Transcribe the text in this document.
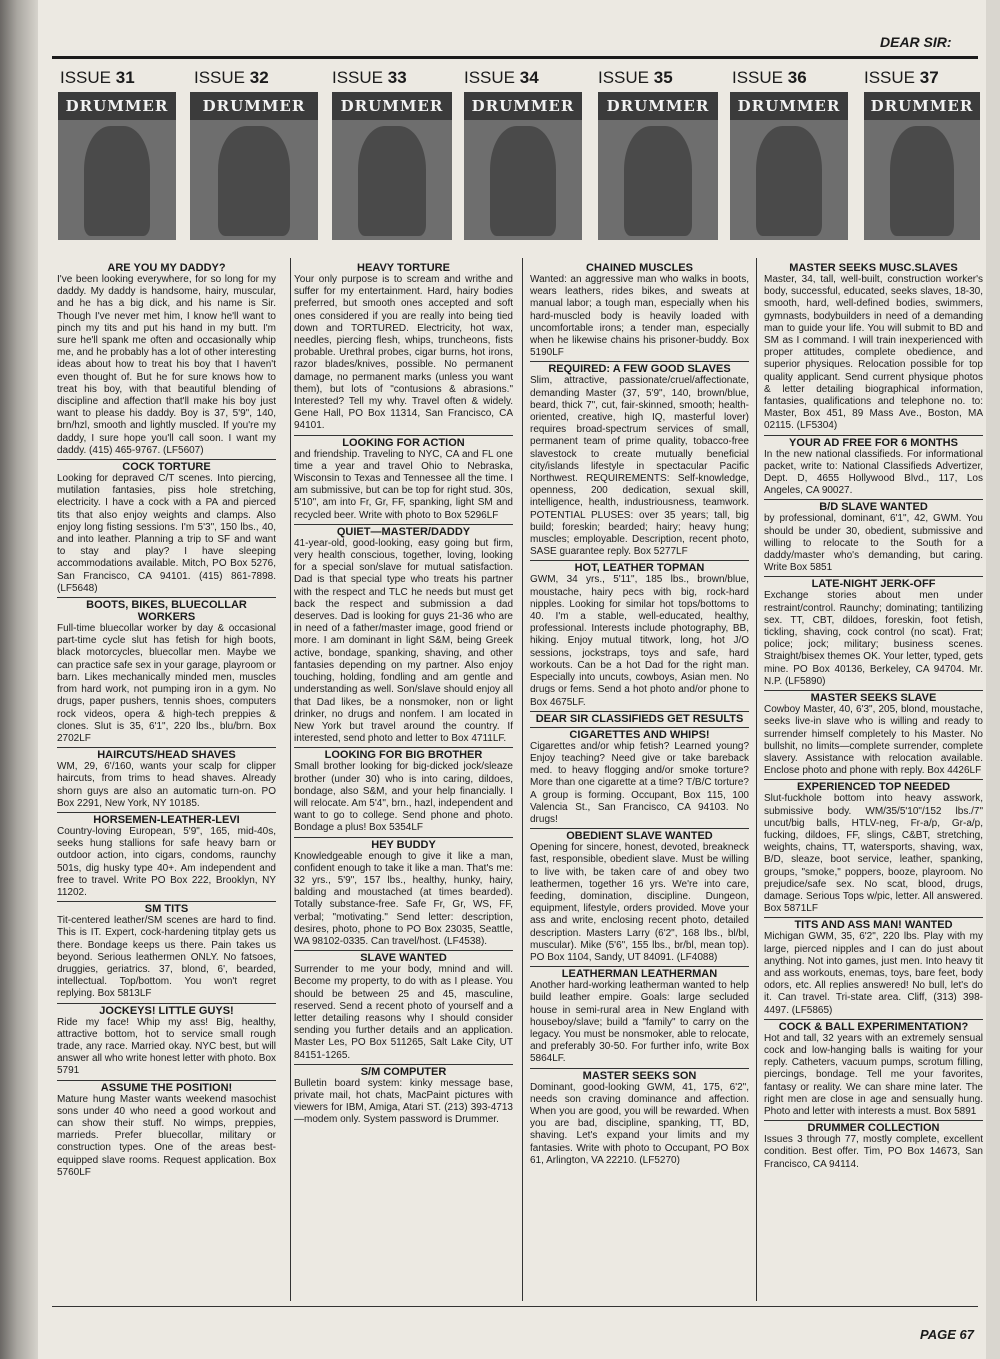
DEAR SIR:
ISSUE 31
DRUMMER
ISSUE 32
DRUMMER
ISSUE 33
DRUMMER
ISSUE 34
DRUMMER
ISSUE 35
DRUMMER
ISSUE 36
DRUMMER
ISSUE 37
DRUMMER
ARE YOU MY DADDY?

I've been looking everywhere, for so long for my daddy. My daddy is handsome, hairy, muscular, and he has a big dick, and his name is Sir. Though I've never met him, I know he'll want to pinch my tits and put his hand in my butt. I'm sure he'll spank me often and occasionally whip me, and he probably has a lot of other interesting ideas about how to treat his boy that I haven't even thought of. But he for sure knows how to treat his boy, with that beautiful blending of discipline and affection that'll make his boy just want to please his daddy. Boy is 37, 5'9", 140, brn/hzl, smooth and lightly muscled. If you're my daddy, I sure hope you'll call soon. I want my daddy. (415) 465-9767. (LF5607)

COCK TORTURE

Looking for depraved C/T scenes. Into piercing, mutilation fantasies, piss hole stretching, electricity. I have a cock with a PA and pierced tits that also enjoy weights and clamps. Also enjoy long fisting sessions. I'm 5'3", 150 lbs., 40, and into leather. Planning a trip to SF and want to stay and play? I have sleeping accommodations available. Mitch, PO Box 5276, San Francisco, CA 94101. (415) 861-7898. (LF5648)

BOOTS, BIKES, BLUECOLLAR WORKERS

Full-time bluecollar worker by day & occasional part-time cycle slut has fetish for high boots, black motorcycles, bluecollar men. Maybe we can practice safe sex in your garage, playroom or barn. Likes mechanically minded men, muscles from hard work, not pumping iron in a gym. No drugs, paper pushers, tennis shoes, computers rock videos, opera & high-tech preppies & clones. Slut is 35, 6'1", 220 lbs., blu/brn. Box 2702LF

HAIRCUTS/HEAD SHAVES

WM, 29, 6'/160, wants your scalp for clipper haircuts, from trims to head shaves. Already shorn guys are also an automatic turn-on. PO Box 2291, New York, NY 10185.

HORSEMEN-LEATHER-LEVI

Country-loving European, 5'9", 165, mid-40s, seeks hung stallions for safe heavy barn or outdoor action, into cigars, condoms, raunchy 501s, dig husky type 40+. Am independent and free to travel. Write PO Box 222, Brooklyn, NY 11202.

SM TITS

Tit-centered leather/SM scenes are hard to find. This is IT. Expert, cock-hardening titplay gets us there. Bondage keeps us there. Pain takes us beyond. Serious leathermen ONLY. No fatsoes, druggies, geriatrics. 37, blond, 6', bearded, intellectual. Top/bottom. You won't regret replying. Box 5813LF

JOCKEYS! LITTLE GUYS!

Ride my face! Whip my ass! Big, healthy, attractive bottom, hot to service small rough trade, any race. Married okay. NYC best, but will answer all who write honest letter with photo. Box 5791

ASSUME THE POSITION!

Mature hung Master wants weekend masochist sons under 40 who need a good workout and can show their stuff. No wimps, preppies, marrieds. Prefer bluecollar, military or construction types. One of the areas best-equipped slave rooms. Request application. Box 5760LF

HEAVY TORTURE

Your only purpose is to scream and writhe and suffer for my entertainment. Hard, hairy bodies preferred, but smooth ones accepted and soft ones considered if you are really into being tied down and TORTURED. Electricity, hot wax, needles, piercing flesh, whips, truncheons, fists probable. Urethral probes, cigar burns, hot irons, razor blades/knives, possible. No permanent damage, no permanent marks (unless you want them), but lots of "contusions & abrasions." Interested? Tell my why. Travel often & widely. Gene Hall, PO Box 11314, San Francisco, CA 94101.

LOOKING FOR ACTION

and friendship. Traveling to NYC, CA and FL one time a year and travel Ohio to Nebraska, Wisconsin to Texas and Tennessee all the time. I am submissive, but can be top for right stud. 30s, 5'10", am into Fr, Gr, FF, spanking, light SM and recycled beer. Write with photo to Box 5296LF

QUIET—MASTER/DADDY

41-year-old, good-looking, easy going but firm, very health conscious, together, loving, looking for a special son/slave for mutual satisfaction. Dad is that special type who treats his partner with the respect and TLC he needs but must get back the respect and submission a dad deserves. Dad is looking for guys 21-36 who are in need of a father/master image, good friend or more. I am dominant in light S&M, being Greek active, bondage, spanking, shaving, and other fantasies depending on my partner. Also enjoy touching, holding, fondling and am gentle and understanding as well. Son/slave should enjoy all that Dad likes, be a nonsmoker, non or light drinker, no drugs and nonfem. I am located in New York but travel around the country. If interested, send photo and letter to Box 4711LF.

LOOKING FOR BIG BROTHER

Small brother looking for big-dicked jock/sleaze brother (under 30) who is into caring, dildoes, bondage, also S&M, and your help financially. I will relocate. Am 5'4", brn., hazl, independent and want to go to college. Send phone and photo. Bondage a plus! Box 5354LF

HEY BUDDY

Knowledgeable enough to give it like a man, confident enough to take it like a man. That's me: 32 yrs., 5'9", 157 lbs., healthy, hunky, hairy, balding and moustached (at times bearded). Totally substance-free. Safe Fr, Gr, WS, FF, verbal; "motivating." Send letter: description, desires, photo, phone to PO Box 23035, Seattle, WA 98102-0335. Can travel/host. (LF4538).

SLAVE WANTED

Surrender to me your body, mnind and will. Become my property, to do with as I please. You should be between 25 and 45, masculine, reserved. Send a recent photo of yourself and a letter detailing reasons why I should consider sending you further details and an application. Master Les, PO Box 511265, Salt Lake City, UT 84151-1265.

S/M COMPUTER

Bulletin board system: kinky message base, private mail, hot chats, MacPaint pictures with viewers for IBM, Amiga, Atari ST. (213) 393-4713—modem only. System password is Drummer.

CHAINED MUSCLES

Wanted: an aggressive man who walks in boots, wears leathers, rides bikes, and sweats at manual labor; a tough man, especially when his hard-muscled body is heavily loaded with uncomfortable irons; a tender man, especially when he likewise chains his prisoner-buddy. Box 5190LF

REQUIRED: A FEW GOOD SLAVES

Slim, attractive, passionate/cruel/affectionate, demanding Master (37, 5'9", 140, brown/blue, beard, thick 7", cut, fair-skinned, smooth; health-oriented, creative, high IQ, masterful lover) requires broad-spectrum services of small, permanent team of prime quality, tobacco-free slavestock to create mutually beneficial city/islands lifestyle in spectacular Pacific Northwest. REQUIREMENTS: Self-knowledge, openness, 200 dedication, sexual skill, intelligence, health, industriousness, teamwork. POTENTIAL PLUSES: over 35 years; tall, big build; foreskin; bearded; hairy; heavy hung; muscles; employable. Description, recent photo, SASE guarantee reply. Box 5277LF

HOT, LEATHER TOPMAN

GWM, 34 yrs., 5'11", 185 lbs., brown/blue, moustache, hairy pecs with big, rock-hard nipples. Looking for similar hot tops/bottoms to 40. I'm a stable, well-educated, healthy, professional. Interests include photography, BB, hiking. Enjoy mutual titwork, long, hot J/O sessions, jockstraps, toys and safe, hard workouts. Can be a hot Dad for the right man. Especially into uncuts, cowboys, Asian men. No drugs or fems. Send a hot photo and/or phone to Box 4675LF.

DEAR SIR CLASSIFIEDS GET RESULTS
CIGARETTES AND WHIPS!

Cigarettes and/or whip fetish? Learned young? Enjoy teaching? Need give or take bareback med. to heavy flogging and/or smoke torture? More than one cigarette at a time? T/B/C torture? A group is forming. Occupant, Box 115, 100 Valencia St., San Francisco, CA 94103. No drugs!

OBEDIENT SLAVE WANTED

Opening for sincere, honest, devoted, breakneck fast, responsible, obedient slave. Must be willing to live with, be taken care of and obey two leathermen, together 16 yrs. We're into care, feeding, domination, discipline. Dungeon, equipment, lifestyle, orders provided. Move your ass and write, enclosing recent photo, detailed description. Masters Larry (6'2", 168 lbs., bl/bl, muscular). Mike (5'6", 155 lbs., br/bl, mean top). PO Box 1104, Sandy, UT 84091. (LF4088)

LEATHERMAN LEATHERMAN

Another hard-working leatherman wanted to help build leather empire. Goals: large secluded house in semi-rural area in New England with houseboy/slave; build a "family" to carry on the legacy. You must be nonsmoker, able to relocate, and preferably 30-50. For further info, write Box 5864LF.

MASTER SEEKS SON

Dominant, good-looking GWM, 41, 175, 6'2", needs son craving dominance and affection. When you are good, you will be rewarded. When you are bad, discipline, spanking, TT, BD, shaving. Let's expand your limits and my fantasies. Write with photo to Occupant, PO Box 61, Arlington, VA 22210. (LF5270)

MASTER SEEKS MUSC.SLAVES

Master, 34, tall, well-built, construction worker's body, successful, educated, seeks slaves, 18-30, smooth, hard, well-defined bodies, swimmers, gymnasts, bodybuilders in need of a demanding man to guide your life. You will submit to BD and SM as I command. I will train inexperienced with proper attitudes, complete obedience, and superior physiques. Relocation possible for top quality applicant. Send current physique photos & letter detailing biographical information, fantasies, qualifications and telephone no. to: Master, Box 451, 89 Mass Ave., Boston, MA 02115. (LF5304)

YOUR AD FREE FOR 6 MONTHS

In the new national classifieds. For informational packet, write to: National Classifieds Advertizer, Dept. D, 4655 Hollywood Blvd., 117, Los Angeles, CA 90027.

B/D SLAVE WANTED

by professional, dominant, 6'1", 42, GWM. You should be under 30, obedient, submissive and willing to relocate to the South for a daddy/master who's demanding, but caring. Write Box 5851

LATE-NIGHT JERK-OFF

Exchange stories about men under restraint/control. Raunchy; dominating; tantilizing sex. TT, CBT, dildoes, foreskin, foot fetish, tickling, shaving, cock control (no scat). Frat; police; jock; military; business scenes. Straight/bisex themes OK. Your letter, typed, gets mine. PO Box 40136, Berkeley, CA 94704. Mr. N.P. (LF5890)

MASTER SEEKS SLAVE

Cowboy Master, 40, 6'3", 205, blond, moustache, seeks live-in slave who is willing and ready to surrender himself completely to his Master. No bullshit, no limits—complete surrender, complete slavery. Assistance with relocation available. Enclose photo and phone with reply. Box 4426LF

EXPERIENCED TOP NEEDED

Slut-fuckhole bottom into heavy asswork, submissive body. WM/35/5'10"/152 lbs./7" uncut/big balls, HTLV-neg, Fr-a/p, Gr-a/p, fucking, dildoes, FF, slings, C&BT, stretching, weights, chains, TT, watersports, shaving, wax, B/D, sleaze, boot service, leather, spanking, groups, "smoke," poppers, booze, playroom. No prejudice/safe sex. No scat, blood, drugs, damage. Serious Tops w/pic, letter. All answered. Box 5871LF

TITS AND ASS MAN! WANTED

Michigan GWM, 35, 6'2", 220 lbs. Play with my large, pierced nipples and I can do just about anything. Not into games, just men. Into heavy tit and ass workouts, enemas, toys, bare feet, body odors, etc. All replies answered! No bull, let's do it. Can travel. Tri-state area. Cliff, (313) 398-4497. (LF5865)

COCK & BALL EXPERIMENTATION?

Hot and tall, 32 years with an extremely sensual cock and low-hanging balls is waiting for your reply. Catheters, vacuum pumps, scrotum filling, piercings, bondage. Tell me your favorites, fantasy or reality. We can share mine later. The right men are close in age and sensually hung. Photo and letter with interests a must. Box 5891

DRUMMER COLLECTION

Issues 3 through 77, mostly complete, excellent condition. Best offer. Tim, PO Box 14673, San Francisco, CA 94114.

PAGE 67
